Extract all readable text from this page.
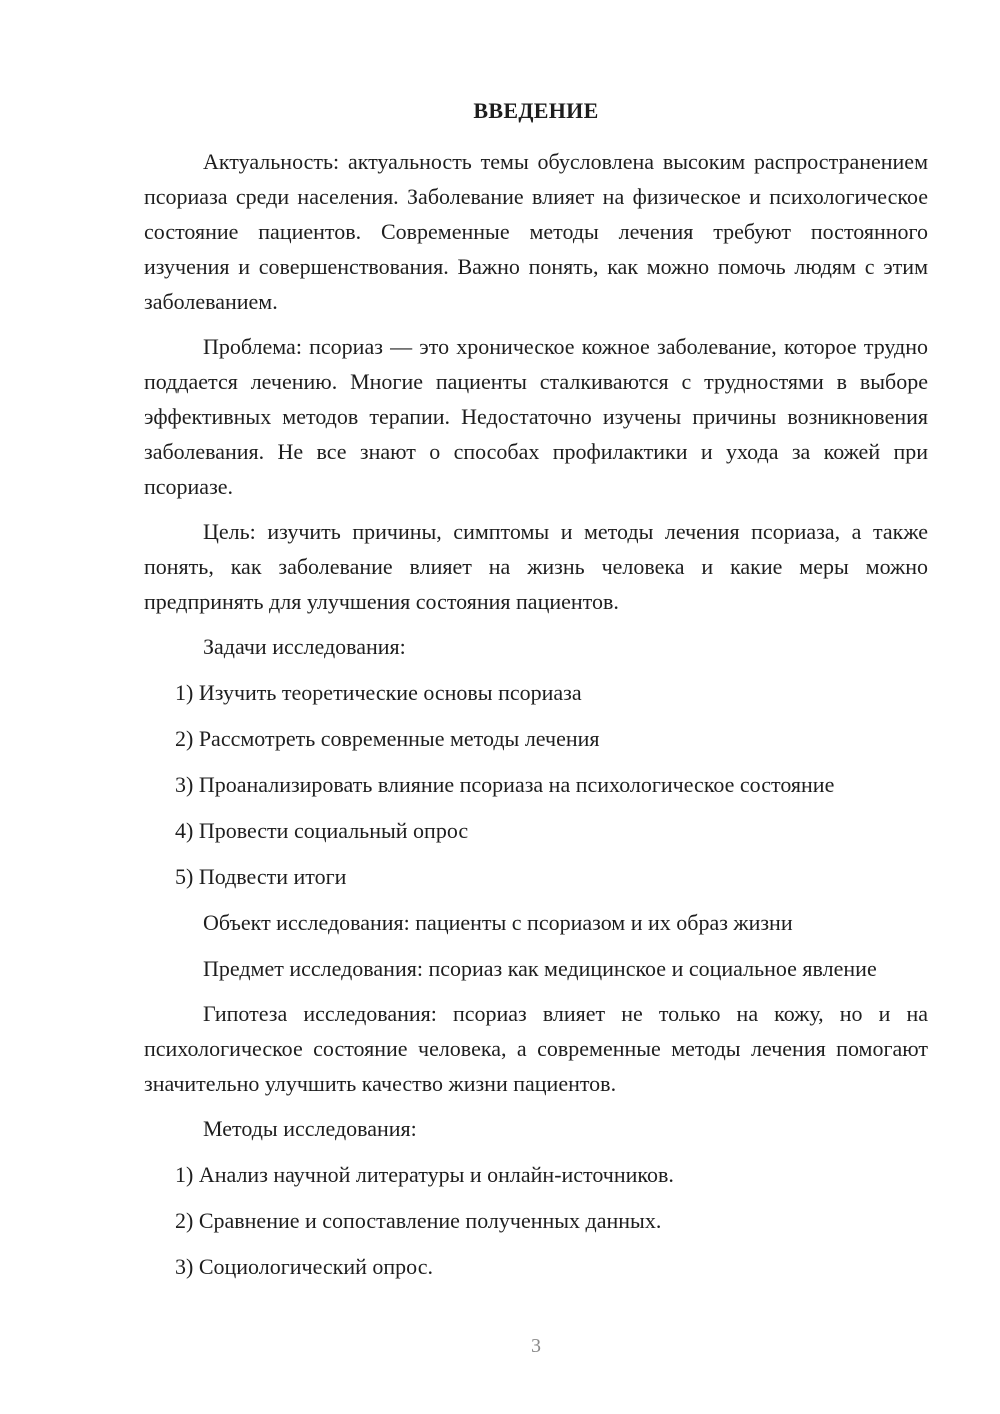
ВВЕДЕНИЕ

Актуальность: актуальность темы обусловлена высоким распространением псориаза среди населения. Заболевание влияет на физическое и психологическое состояние пациентов. Современные методы лечения требуют постоянного изучения и совершенствования. Важно понять, как можно помочь людям с этим заболеванием.

Проблема: псориаз — это хроническое кожное заболевание, которое трудно поддается лечению. Многие пациенты сталкиваются с трудностями в выборе эффективных методов терапии. Недостаточно изучены причины возникновения заболевания. Не все знают о способах профилактики и ухода за кожей при псориазе.

Цель: изучить причины, симптомы и методы лечения псориаза, а также понять, как заболевание влияет на жизнь человека и какие меры можно предпринять для улучшения состояния пациентов.

Задачи исследования:

1) Изучить теоретические основы псориаза

2) Рассмотреть современные методы лечения

3) Проанализировать влияние псориаза на психологическое состояние

4) Провести социальный опрос

5) Подвести итоги

Объект исследования: пациенты с псориазом и их образ жизни

Предмет исследования: псориаз как медицинское и социальное явление

Гипотеза исследования: псориаз влияет не только на кожу, но и на психологическое состояние человека, а современные методы лечения помогают значительно улучшить качество жизни пациентов.

Методы исследования:

1) Анализ научной литературы и онлайн-источников.

2) Сравнение и сопоставление полученных данных.

3) Социологический опрос.

3
